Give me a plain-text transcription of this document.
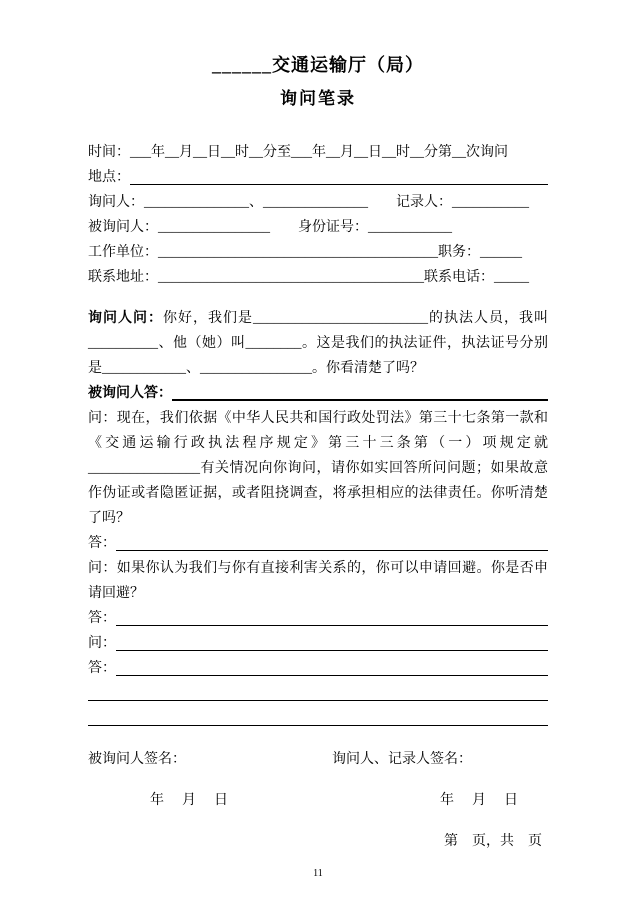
______交通运输厅（局）
询问笔录
时间：___年__月__日__时__分至___年__月__日__时__分第__次询问
地点：
询问人：_______________、_______________　　记录人：___________
被询问人：________________　　身份证号：____________
工作单位：________________________________________职务：______
联系地址：______________________________________联系电话：_____
询问人问：你好，我们是_________________________的执法人员，我叫__________、他（她）叫________。这是我们的执法证件，执法证号分别是____________、________________。你看清楚了吗？
被询问人答：
问：现在，我们依据《中华人民共和国行政处罚法》第三十七条第一款和《交通运输行政执法程序规定》第三十三条第（一）项规定就________________有关情况向你询问，请你如实回答所问问题；如果故意作伪证或者隐匿证据，或者阻挠调查，将承担相应的法律责任。你听清楚了吗？
答：
问：如果你认为我们与你有直接利害关系的，你可以申请回避。你是否申请回避？
答：
问：
答：
被询问人签名：	询问人、记录人签名：
年　月　日	年　月　日
第　页，共　页
11
